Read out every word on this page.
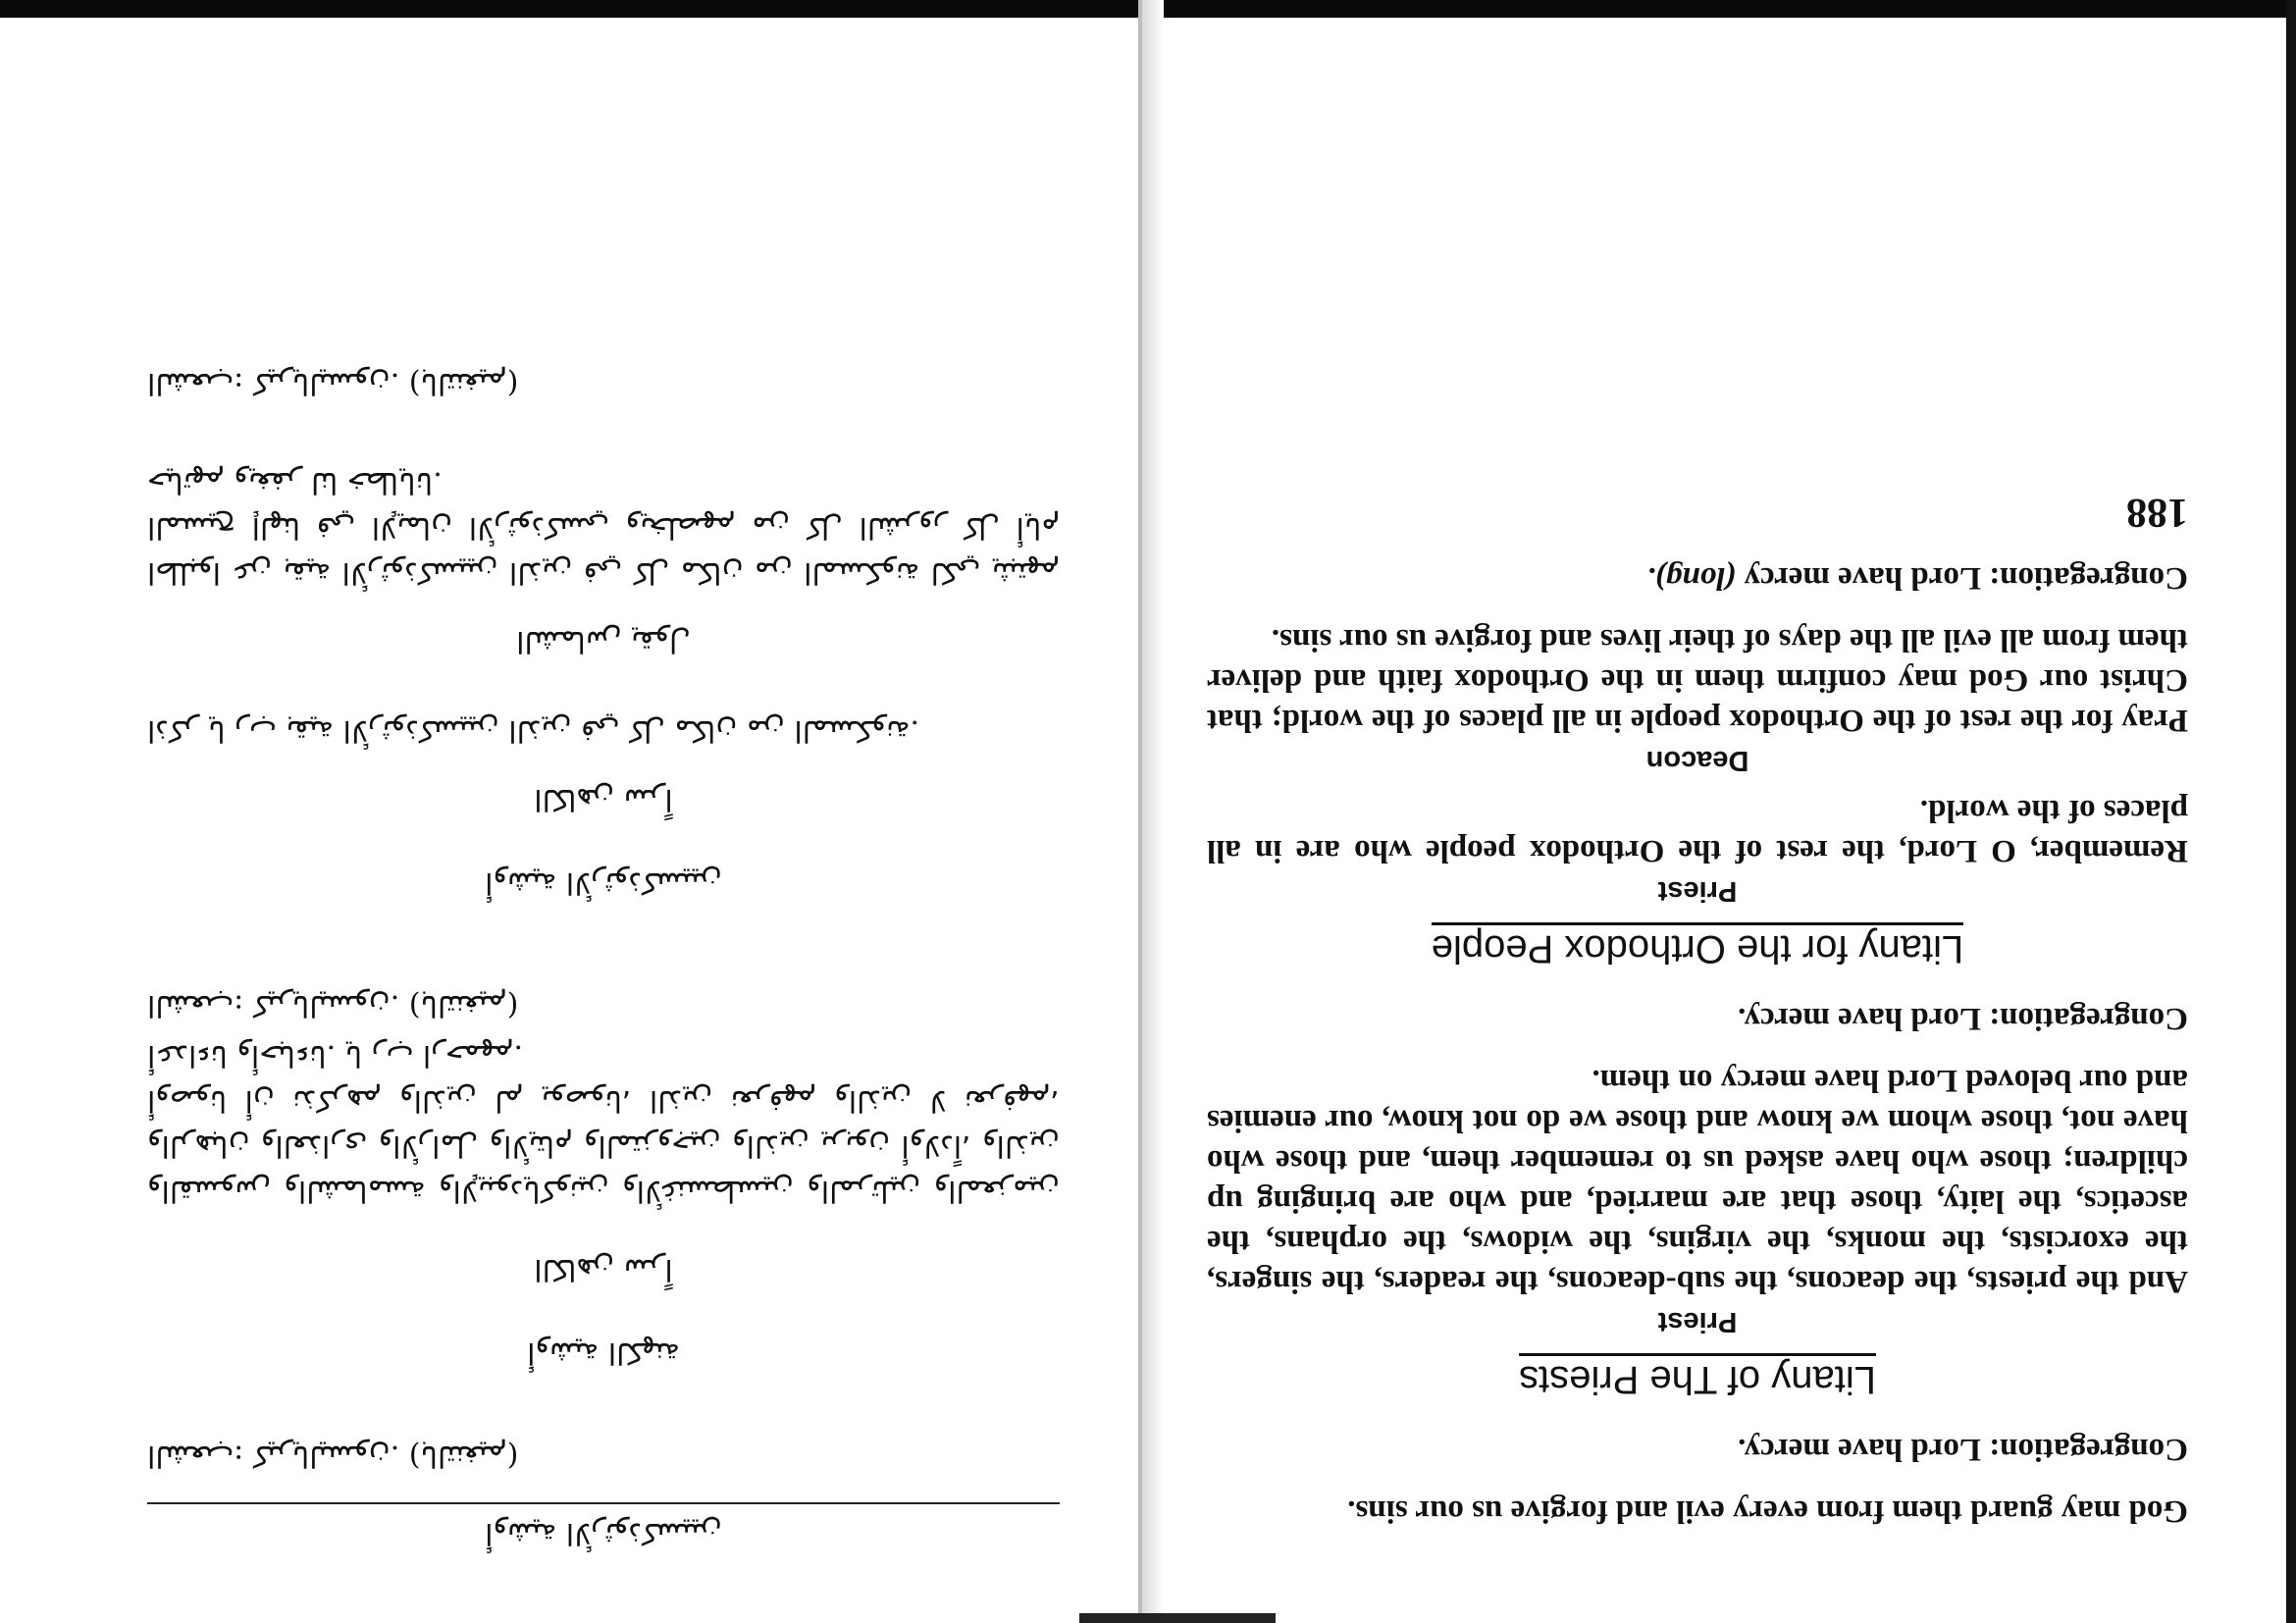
God may guard them from every evil and forgive us our sins.

Congregation: Lord have mercy.

Litany of The Priests
Priest

And the priests, the deacons, the sub-deacons, the readers, the singers, the exorcists, the monks, the virgins, the widows, the orphans, the ascetics, the laity, those that are married, and who are bringing up children; those who have asked us to remember them, and those who have not, those whom we know and those we do not know, our enemies and our beloved Lord have mercy on them.

Congregation: Lord have mercy.

Litany for the Orthodox People
Priest

Remember, O Lord, the rest of the Orthodox people who are in all places of the world.

Deacon

Pray for the rest of the Orthodox people in all places of the world; that Christ our God may confirm them in the Orthodox faith and deliver them from all evil all the days of their lives and forgive us our sins.

Congregation: Lord have mercy (long).

188

أوشية الأرثوذكسيين

الشعب: كيرياليسون. (بالتنغيم)

أوشية الكهنة

الكاهن سراً

والقسوس والشمامسة والإيبودياكونين والأغنسطسين والمرتلين والمعزمين والرهبان والعذارى والأرامل والأيتام والمتزوجين والذين يربون أولاداً، والذين أوصونا أن نذكرهم والذين لم يوصونا، الذين نعرفهم والذين لا نعرفهم، أعداءنا وأحباءنا. يا رب ارحمهم.

الشعب: كيرياليسون. (بالتنغيم)

أوشية الأرثوذكسيين

الكاهن سراً

اذكر يا رب بقية الأرثوذكسيين الذين في كل مكان من المسكونة.

الشماس يقول

اطلبوا عن بقية الأرثوذكسيين الذين في كل مكان من المسكونة لكي يثبتهم المسيح إلهنا في الإيمان الأرثوذكسي ويخلصهم من كل الشرور كل أيام حياتهم ويغفر لنا خطايانا.

الشعب: كيرياليسون. (بالتنغيم)
